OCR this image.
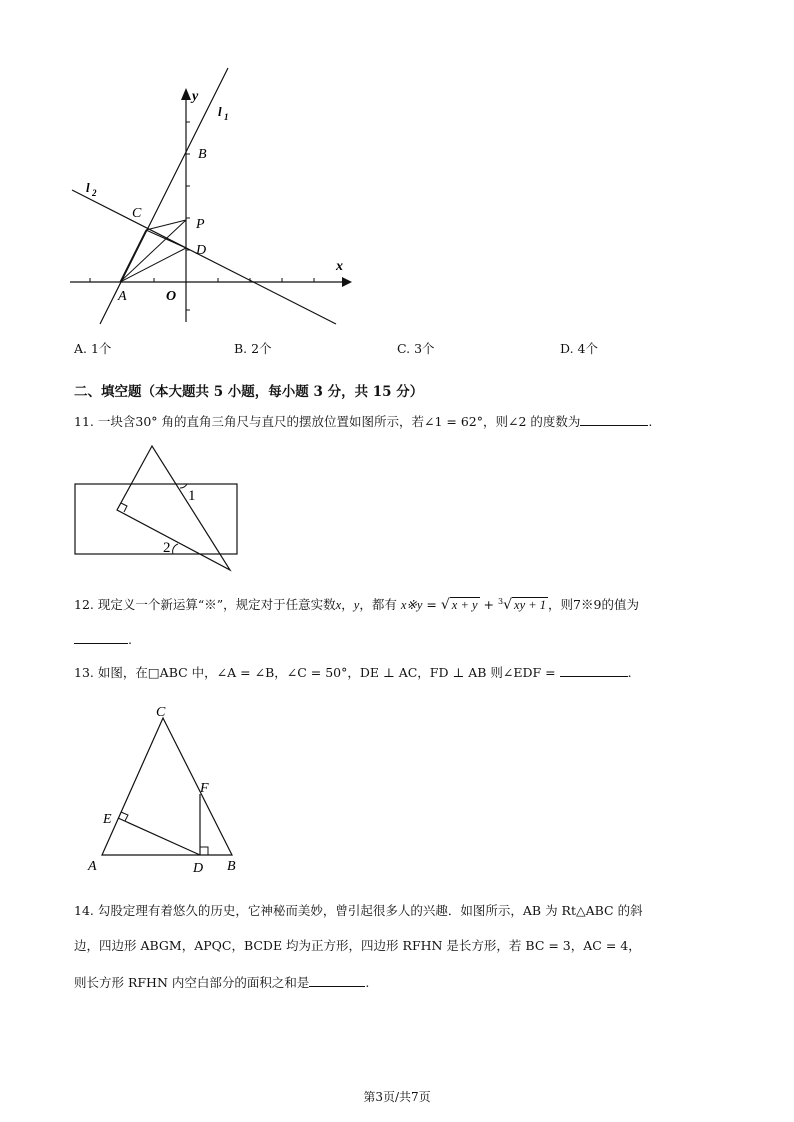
y
l 1
l 2
B
C
P
D
A	O
x
A. 1个	B. 2个	C. 3个	D. 4个
二、填空题（本大题共 5 小题，每小题 3 分，共 15 分）
11. 一块含30° 角的直角三角尺与直尺的摆放位置如图所示，若∠1 = 62°，则∠2 的度数为	.
1
2
12. 现定义一个新运算“※”，规定对于任意实数x，y，都有 x※y = √ x + y + $^3$√ xy + 1 ，则7※9的值为
.
13. 如图，在□ABC 中，∠A = ∠B，∠C = 50°，DE ⊥ AC，FD ⊥ AB 则∠EDF =	.
C
F
E
A	D B
14. 勾股定理有着悠久的历史，它神秘而美妙，曾引起很多人的兴趣．如图所示，AB 为 Rt△ABC 的斜
边，四边形 ABGM，APQC，BCDE 均为正方形，四边形 RFHN 是长方形，若 BC = 3，AC = 4，
则长方形 RFHN 内空白部分的面积之和是	.
第3页/共7页
